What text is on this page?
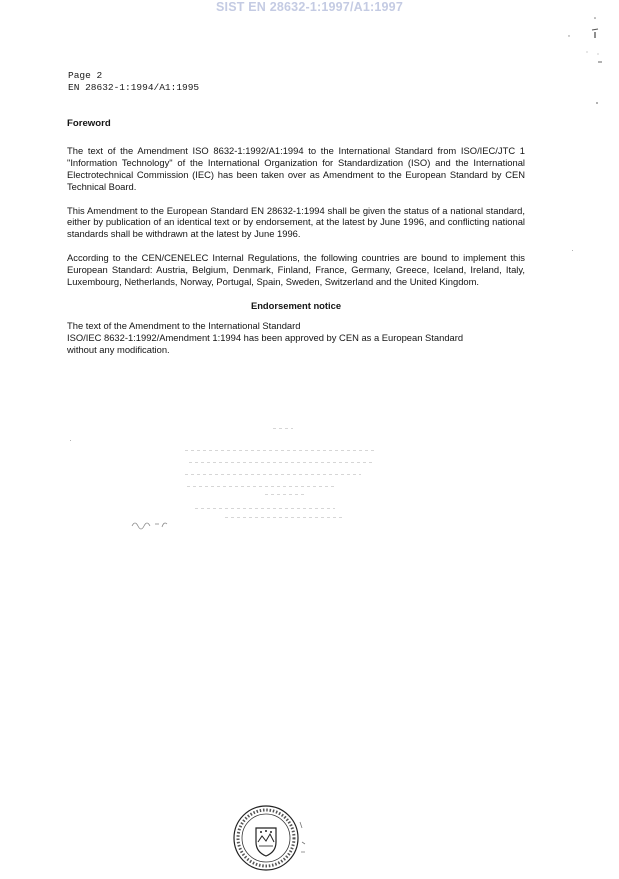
SIST EN 28632-1:1997/A1:1997
Page 2
EN 28632-1:1994/A1:1995
Foreword

The text of the Amendment ISO 8632-1:1992/A1:1994 to the International Standard from ISO/IEC/JTC 1 "Information Technology" of the International Organization for Standardization (ISO) and the International Electrotechnical Commission (IEC) has been taken over as Amendment to the European Standard by CEN Technical Board.

This Amendment to the European Standard EN 28632-1:1994 shall be given the status of a national standard, either by publication of an identical text or by endorsement, at the latest by June 1996, and conflicting national standards shall be withdrawn at the latest by June 1996.

According to the CEN/CENELEC Internal Regulations, the following countries are bound to implement this European Standard: Austria, Belgium, Denmark, Finland, France, Germany, Greece, Iceland, Ireland, Italy, Luxembourg, Netherlands, Norway, Portugal, Spain, Sweden, Switzerland and the United Kingdom.

Endorsement notice
The text of the Amendment to the International Standard
ISO/IEC 8632-1:1992/Amendment 1:1994 has been approved by CEN as a European Standard
without any modification.
